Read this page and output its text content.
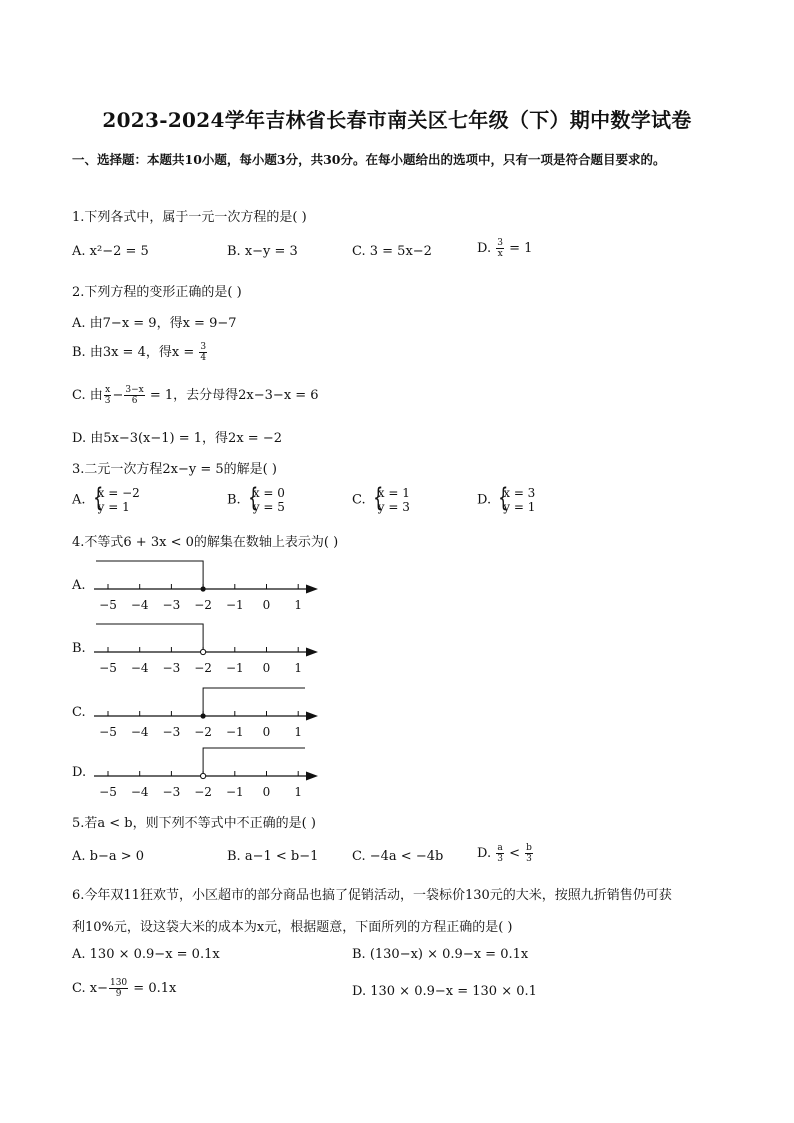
2023-2024学年吉林省长春市南关区七年级（下）期中数学试卷
一、选择题：本题共10小题，每小题3分，共30分。在每小题给出的选项中，只有一项是符合题目要求的。
1.下列各式中，属于一元一次方程的是( )
A. x²−2 = 5	B. x−y = 3	C. 3 = 5x−2	D. $\frac{3}{x} = 1$
2.下列方程的变形正确的是( )
A. 由7−x = 9，得x = 9−7
B. 由3x = 4，得$x = \frac{3}{4}$
C. 由 $\frac{x}{3} - \frac{3-x}{6} = 1$，去分母得2x−3−x = 6
D. 由5x−3(x−1) = 1，得2x = −2
3.二元一次方程2x−y = 5的解是( )
A. {
x = −2
y = 1	B. {
x = 0
y = 5	C. {
x = 1
y = 3	D. {
x = 3
y = 1
4.不等式6 + 3x < 0的解集在数轴上表示为( )
A.
−5 −4 −3 −2 −1 0 1
B.
−5 −4 −3 −2 −1 0 1
C.
−5 −4 −3 −2 −1 0 1
D.
−5 −4 −3 −2 −1 0 1
5.若a < b，则下列不等式中不正确的是( )
A. b−a > 0	B. a−1 < b−1	C. −4a < −4b	D. $\frac{a}{3} < \frac{b}{3}$
6.今年双11狂欢节，小区超市的部分商品也搞了促销活动，一袋标价130元的大米，按照九折销售仍可获
利10%元，设这袋大米的成本为x元，根据题意，下面所列的方程正确的是( )
A. 130 × 0.9−x = 0.1x	B. (130−x) × 0.9−x = 0.1x
C. $x- \frac{130}{9} = 0.1x$	D. 130 × 0.9−x = 130 × 0.1
